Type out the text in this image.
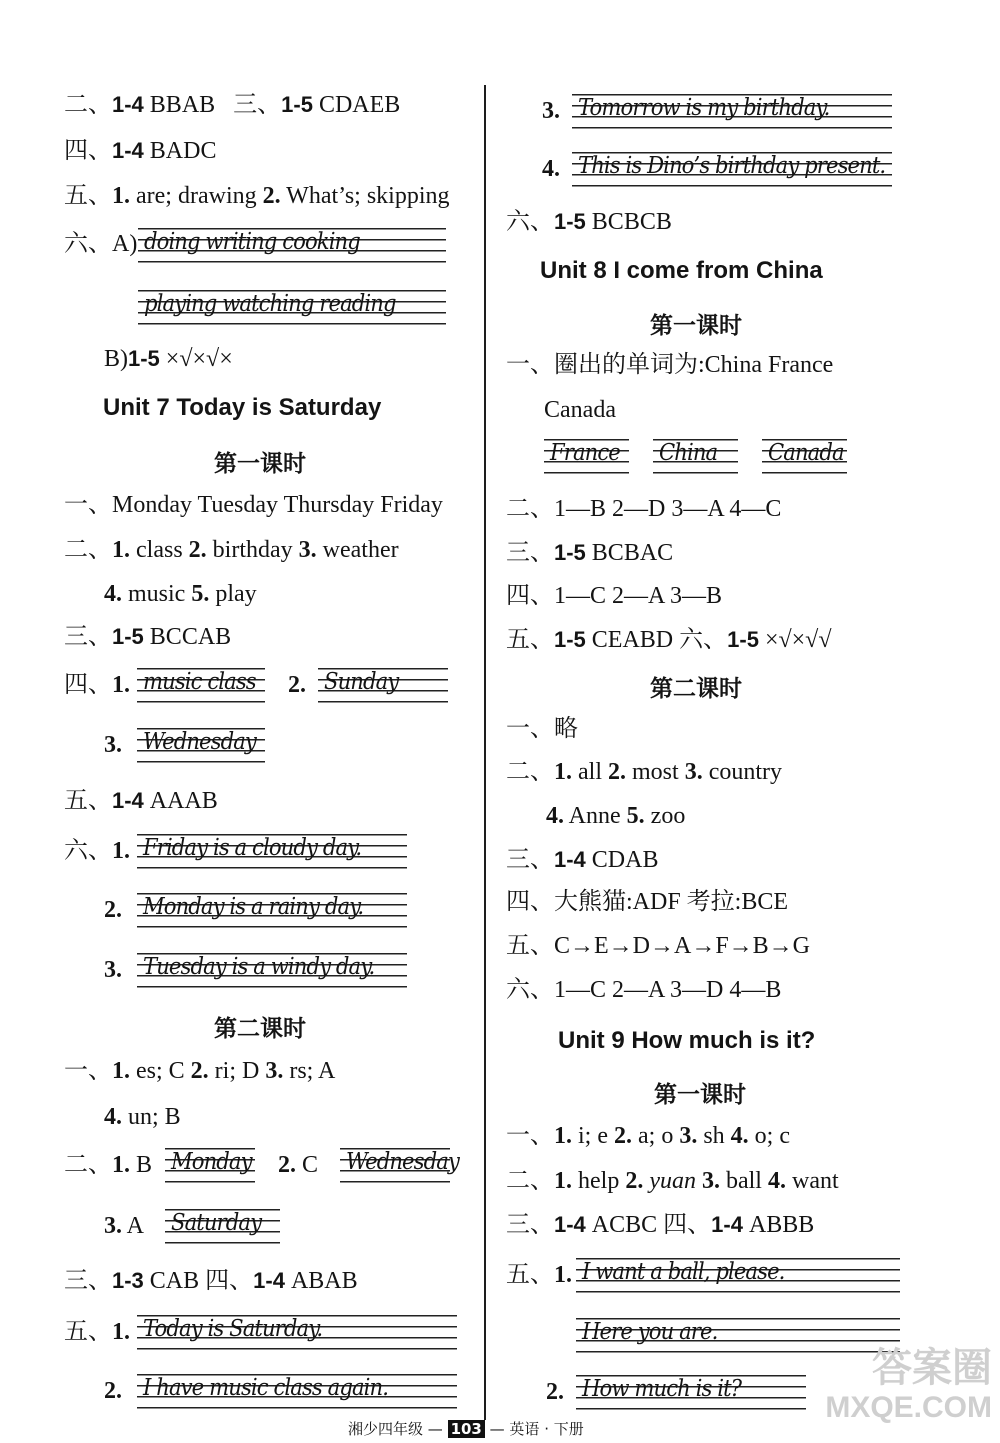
二、1-4 BBAB 三、1-5 CDAEB
四、1-4 BADC
五、1. are; drawing 2. What’s; skipping
六、A) doing writing cooking
playing watching reading
B)1-5 ×√×√×
Unit 7 Today is Saturday
第一课时
一、Monday Tuesday Thursday Friday
二、1. class 2. birthday 3. weather
4. music 5. play
三、1-5 BCCAB
四、1. music class 2. Sunday
3. Wednesday
五、1-4 AAAB
六、1. Friday is a cloudy day.
2. Monday is a rainy day.
3. Tuesday is a windy day.
第二课时
一、1. es; C 2. ri; D 3. rs; A
4. un; B
二、1. B Monday 2. C Wednesday
3. A Saturday
三、1-3 CAB 四、1-4 ABAB
五、1. Today is Saturday.
2. I have music class again.
3. Tomorrow is my birthday.
4. This is Dino’s birthday present.
六、1-5 BCBCB
Unit 8 I come from China
第一课时
一、圈出的单词为:China France
Canada
France China Canada
二、1—B 2—D 3—A 4—C
三、1-5 BCBAC
四、1—C 2—A 3—B
五、1-5 CEABD 六、1-5 ×√×√√
第二课时
一、略
二、1. all 2. most 3. country
4. Anne 5. zoo
三、1-4 CDAB
四、大熊猫:ADF 考拉:BCE
五、C→E→D→A→F→B→G
六、1—C 2—A 3—D 4—B
Unit 9 How much is it?
第一课时
一、1. i; e 2. a; o 3. sh 4. o; c
二、1. help 2. yuan 3. ball 4. want
三、1-4 ACBC 四、1-4 ABBB
五、1. I want a ball, please.
Here you are.
2. How much is it?	答案圈
MXQE.COM
湘少四年级 — 103 — 英语 · 下册
